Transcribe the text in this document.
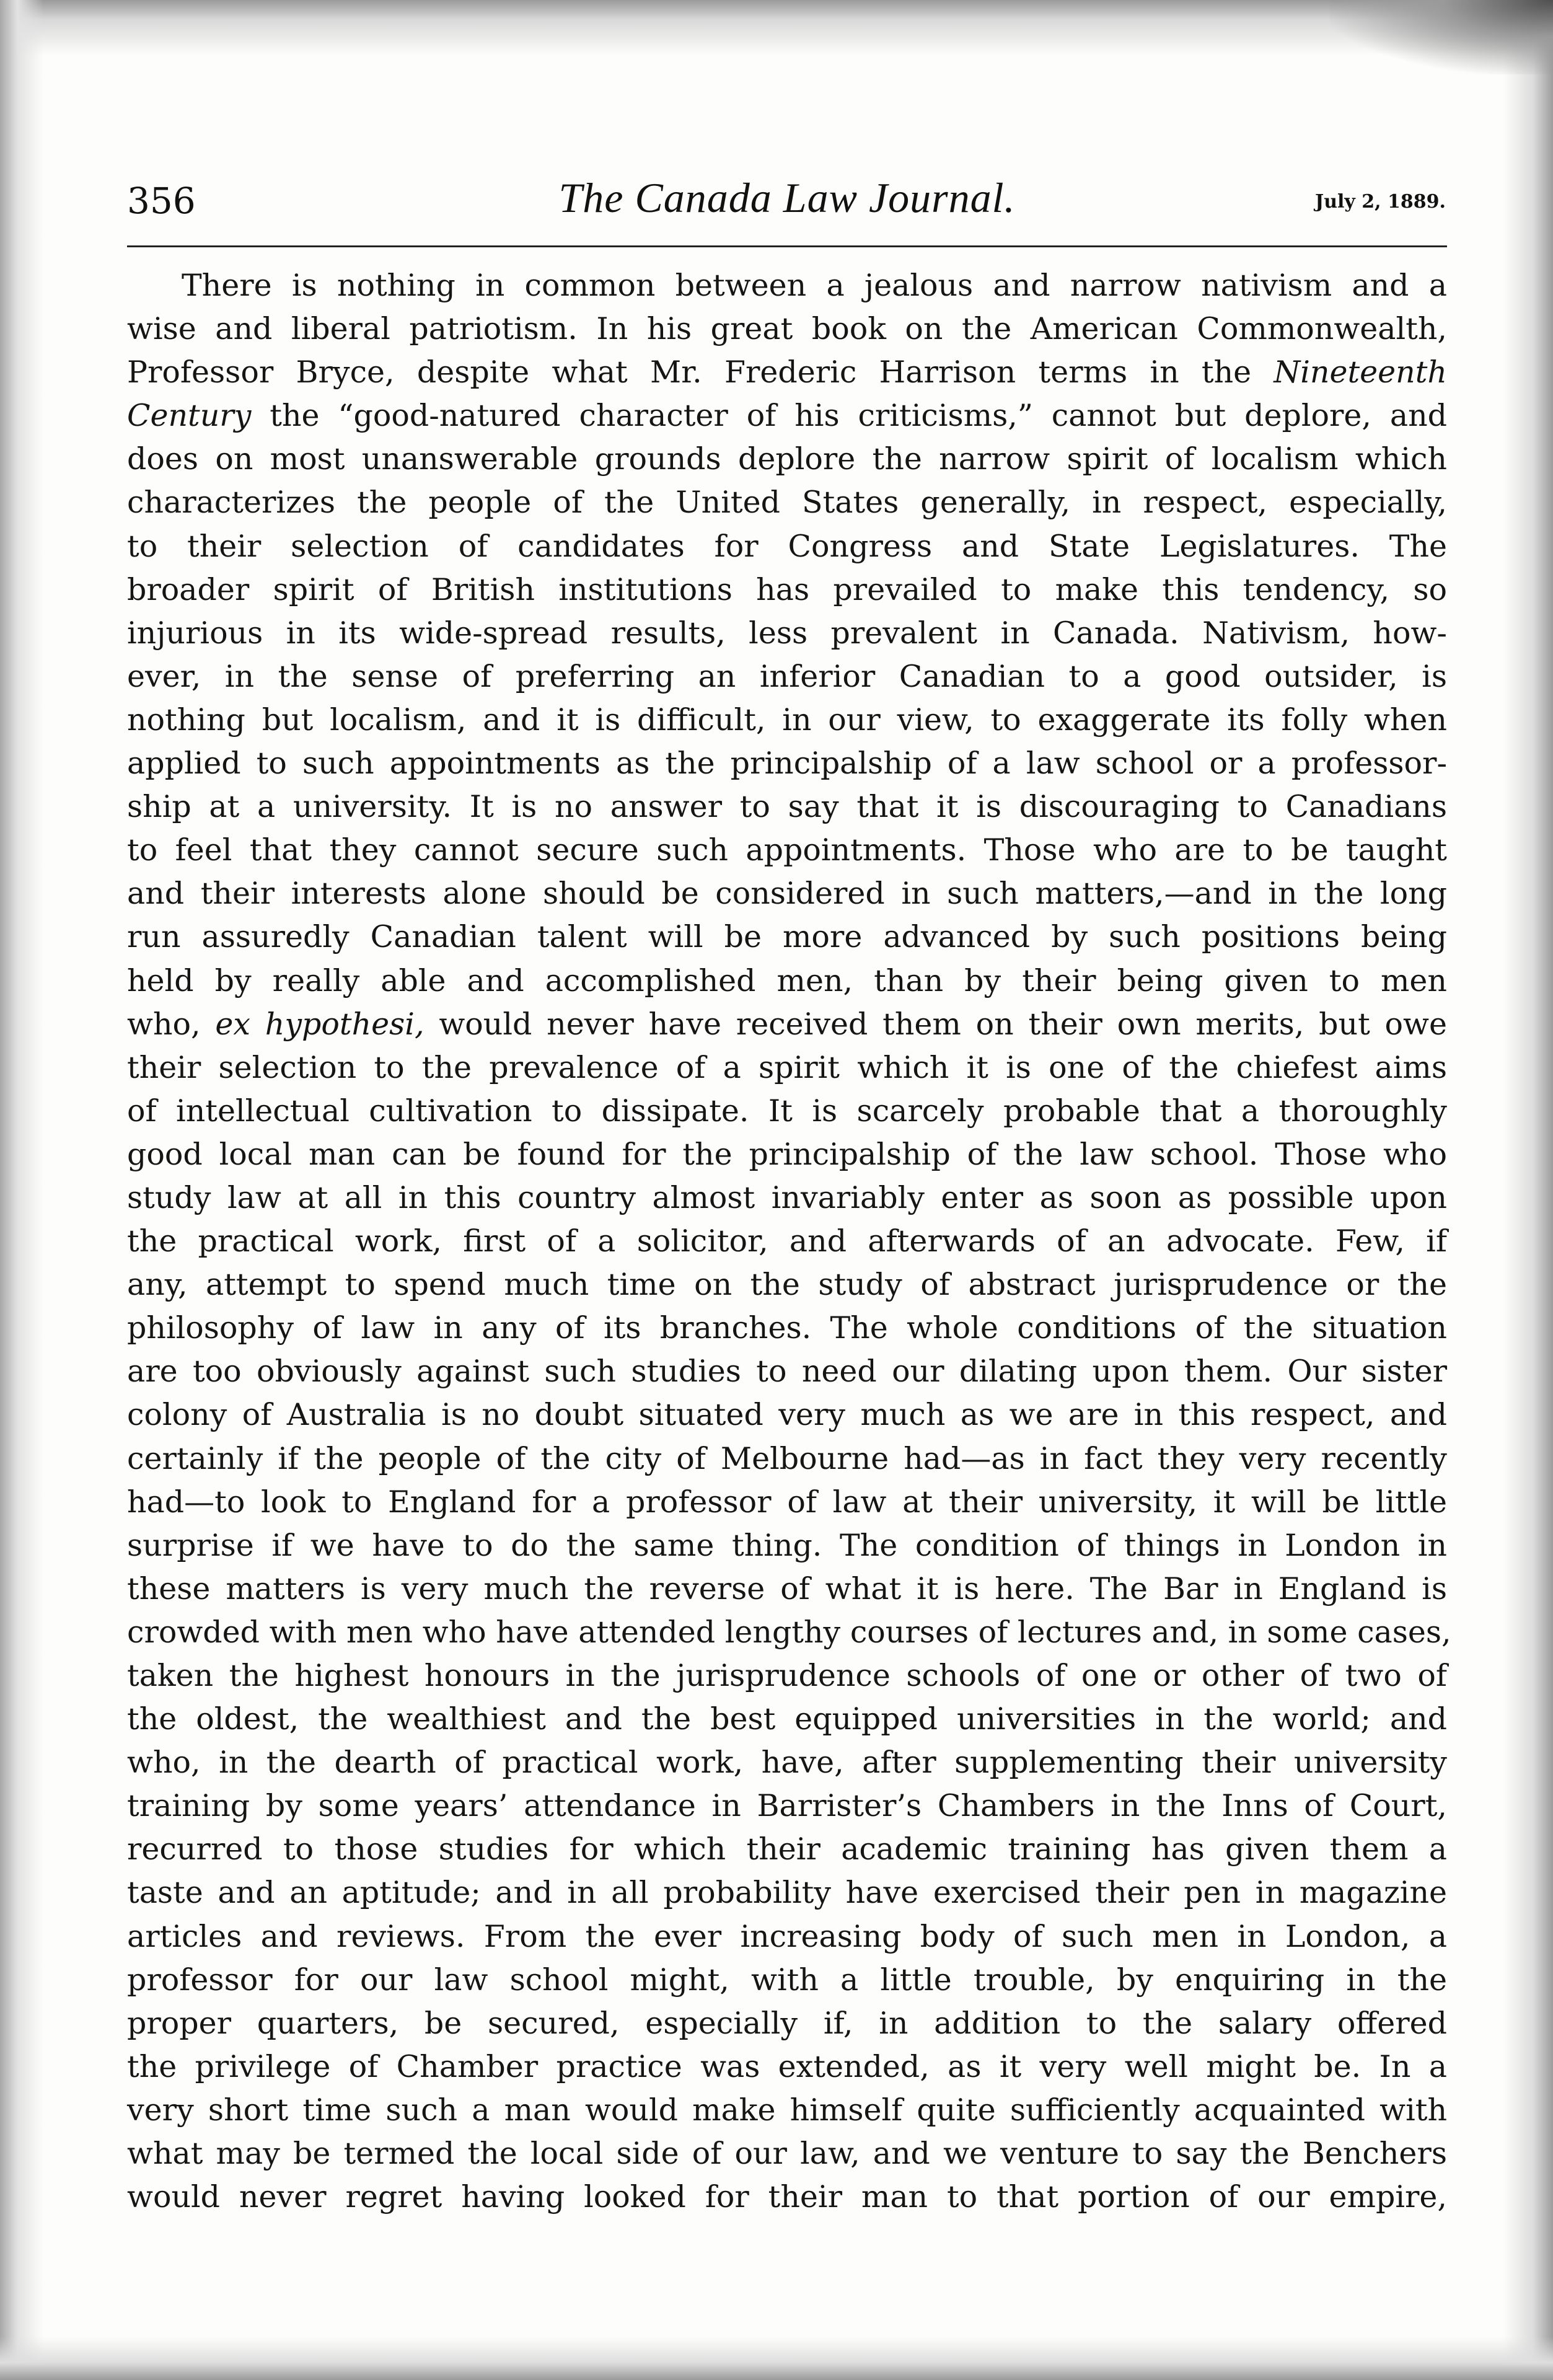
356	The Canada Law Journal.	July 2, 1889.
There is nothing in common between a jealous and narrow nativism and a
wise and liberal patriotism. In his great book on the American Commonwealth,
Professor Bryce, despite what Mr. Frederic Harrison terms in the Nineteenth
Century the “good-natured character of his criticisms,” cannot but deplore, and
does on most unanswerable grounds deplore the narrow spirit of localism which
characterizes the people of the United States generally, in respect, especially,
to their selection of candidates for Congress and State Legislatures. The
broader spirit of British institutions has prevailed to make this tendency, so
injurious in its wide-spread results, less prevalent in Canada. Nativism, how-
ever, in the sense of preferring an inferior Canadian to a good outsider, is
nothing but localism, and it is difficult, in our view, to exaggerate its folly when
applied to such appointments as the principalship of a law school or a professor-
ship at a university. It is no answer to say that it is discouraging to Canadians
to feel that they cannot secure such appointments. Those who are to be taught
and their interests alone should be considered in such matters,—and in the long
run assuredly Canadian talent will be more advanced by such positions being
held by really able and accomplished men, than by their being given to men
who, ex hypothesi, would never have received them on their own merits, but owe
their selection to the prevalence of a spirit which it is one of the chiefest aims
of intellectual cultivation to dissipate. It is scarcely probable that a thoroughly
good local man can be found for the principalship of the law school. Those who
study law at all in this country almost invariably enter as soon as possible upon
the practical work, first of a solicitor, and afterwards of an advocate. Few, if
any, attempt to spend much time on the study of abstract jurisprudence or the
philosophy of law in any of its branches. The whole conditions of the situation
are too obviously against such studies to need our dilating upon them. Our sister
colony of Australia is no doubt situated very much as we are in this respect, and
certainly if the people of the city of Melbourne had—as in fact they very recently
had—to look to England for a professor of law at their university, it will be little
surprise if we have to do the same thing. The condition of things in London in
these matters is very much the reverse of what it is here. The Bar in England is
crowded with men who have attended lengthy courses of lectures and, in some cases,
taken the highest honours in the jurisprudence schools of one or other of two of
the oldest, the wealthiest and the best equipped universities in the world; and
who, in the dearth of practical work, have, after supplementing their university
training by some years’ attendance in Barrister’s Chambers in the Inns of Court,
recurred to those studies for which their academic training has given them a
taste and an aptitude; and in all probability have exercised their pen in magazine
articles and reviews. From the ever increasing body of such men in London, a
professor for our law school might, with a little trouble, by enquiring in the
proper quarters, be secured, especially if, in addition to the salary offered
the privilege of Chamber practice was extended, as it very well might be. In a
very short time such a man would make himself quite sufficiently acquainted with
what may be termed the local side of our law, and we venture to say the Benchers
would never regret having looked for their man to that portion of our empire,
